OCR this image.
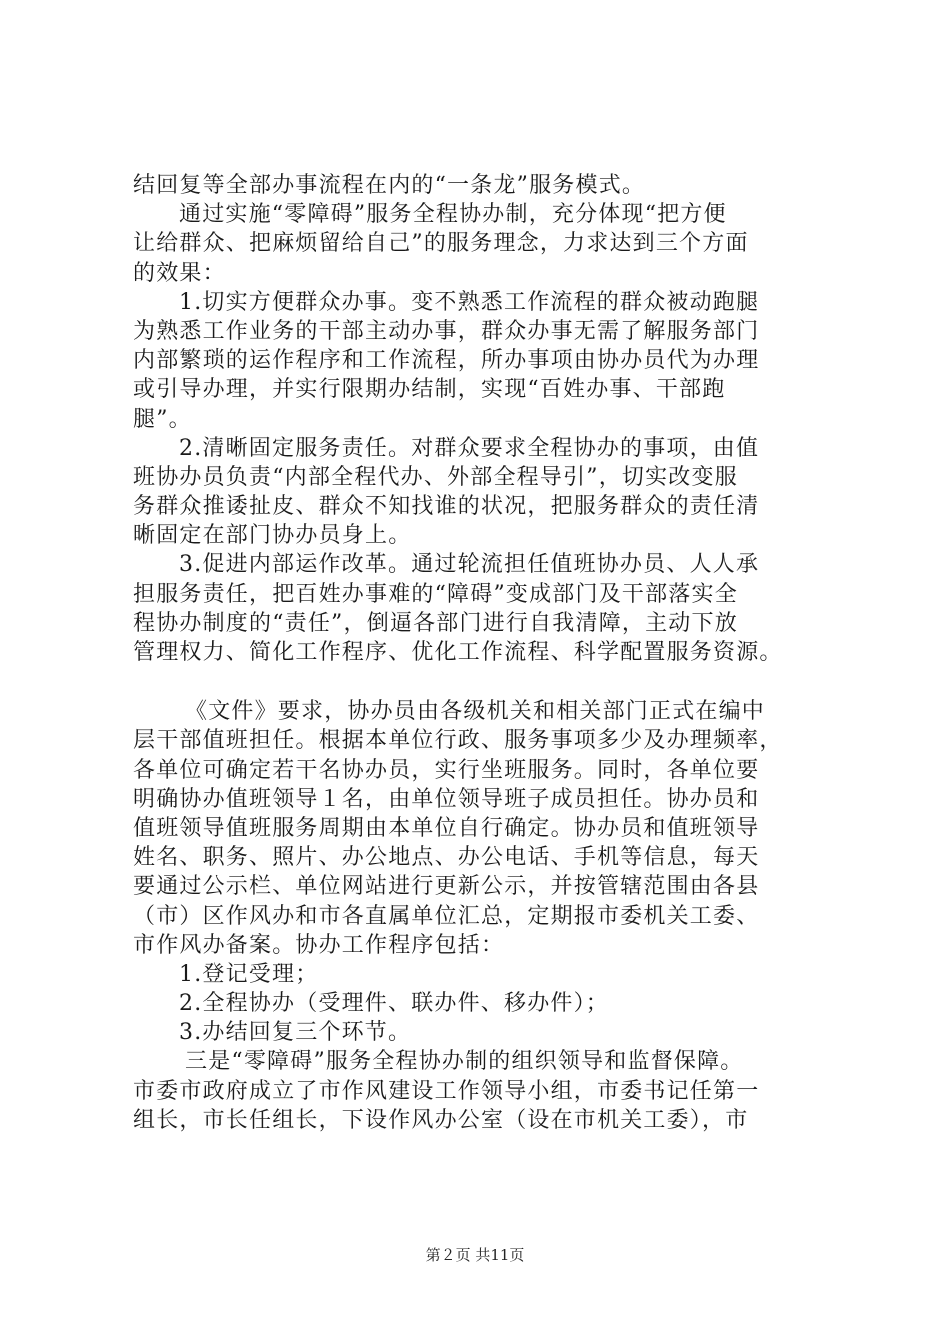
结回复等全部办事流程在内的“一条龙”服务模式。
通过实施“零障碍”服务全程协办制，充分体现“把方便
让给群众、把麻烦留给自己”的服务理念，力求达到三个方面
的效果：
1.切实方便群众办事。变不熟悉工作流程的群众被动跑腿
为熟悉工作业务的干部主动办事，群众办事无需了解服务部门
内部繁琐的运作程序和工作流程，所办事项由协办员代为办理
或引导办理，并实行限期办结制，实现“百姓办事、干部跑
腿”。
2.清晰固定服务责任。对群众要求全程协办的事项，由值
班协办员负责“内部全程代办、外部全程导引”，切实改变服
务群众推诿扯皮、群众不知找谁的状况，把服务群众的责任清
晰固定在部门协办员身上。
3.促进内部运作改革。通过轮流担任值班协办员、人人承
担服务责任，把百姓办事难的“障碍”变成部门及干部落实全
程协办制度的“责任”，倒逼各部门进行自我清障，主动下放
管理权力、简化工作程序、优化工作流程、科学配置服务资源。
《文件》要求，协办员由各级机关和相关部门正式在编中
层干部值班担任。根据本单位行政、服务事项多少及办理频率，
各单位可确定若干名协办员，实行坐班服务。同时，各单位要
明确协办值班领导１名，由单位领导班子成员担任。协办员和
值班领导值班服务周期由本单位自行确定。协办员和值班领导
姓名、职务、照片、办公地点、办公电话、手机等信息，每天
要通过公示栏、单位网站进行更新公示，并按管辖范围由各县
（市）区作风办和市各直属单位汇总，定期报市委机关工委、
市作风办备案。协办工作程序包括：
1.登记受理；
2.全程协办（受理件、联办件、移办件）；
3.办结回复三个环节。
三是“零障碍”服务全程协办制的组织领导和监督保障。
市委市政府成立了市作风建设工作领导小组，市委书记任第一
组长，市长任组长，下设作风办公室（设在市机关工委），市
第２页 共11页
